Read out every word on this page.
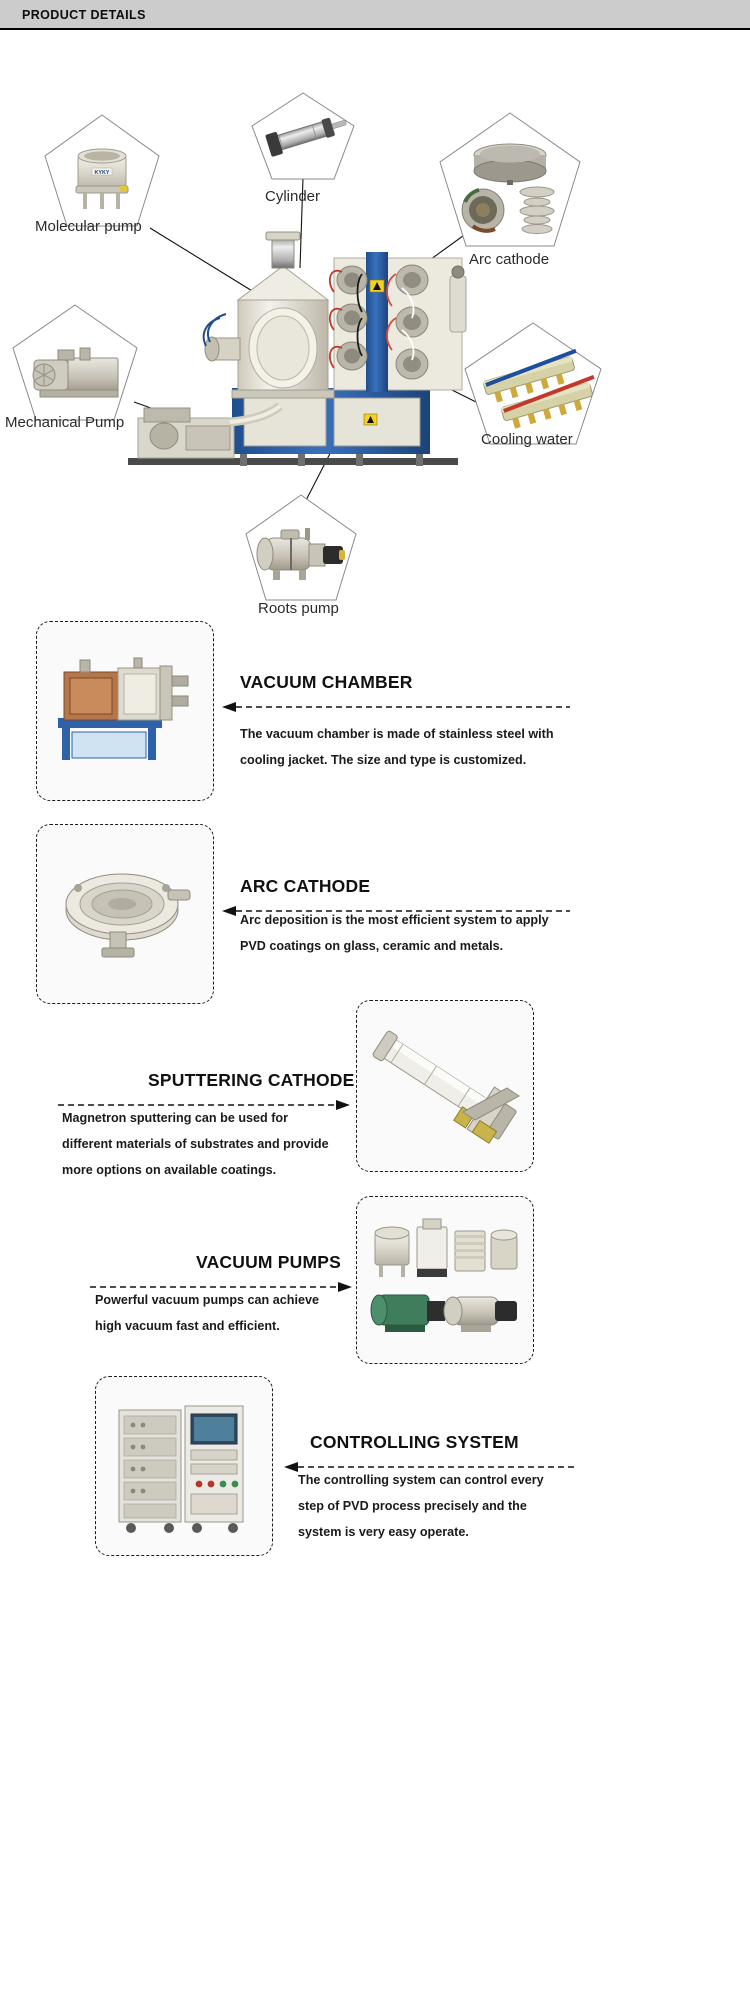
PRODUCT DETAILS
KYKY
Molecular pump
Cylinder
Arc cathode
Mechanical Pump
Cooling water
Roots pump
VACUUM CHAMBER
The vacuum chamber is made of stainless steel with
cooling jacket. The size and type is customized.
ARC CATHODE
Arc deposition is the most efficient system to apply
PVD coatings on glass, ceramic and metals.
SPUTTERING CATHODE
Magnetron sputtering can be used for
different materials of substrates and provide
more options on available coatings.
VACUUM PUMPS
Powerful vacuum pumps can achieve
high vacuum fast and efficient.
CONTROLLING SYSTEM
The controlling system can control every
step of PVD process precisely and the
system is very easy operate.
